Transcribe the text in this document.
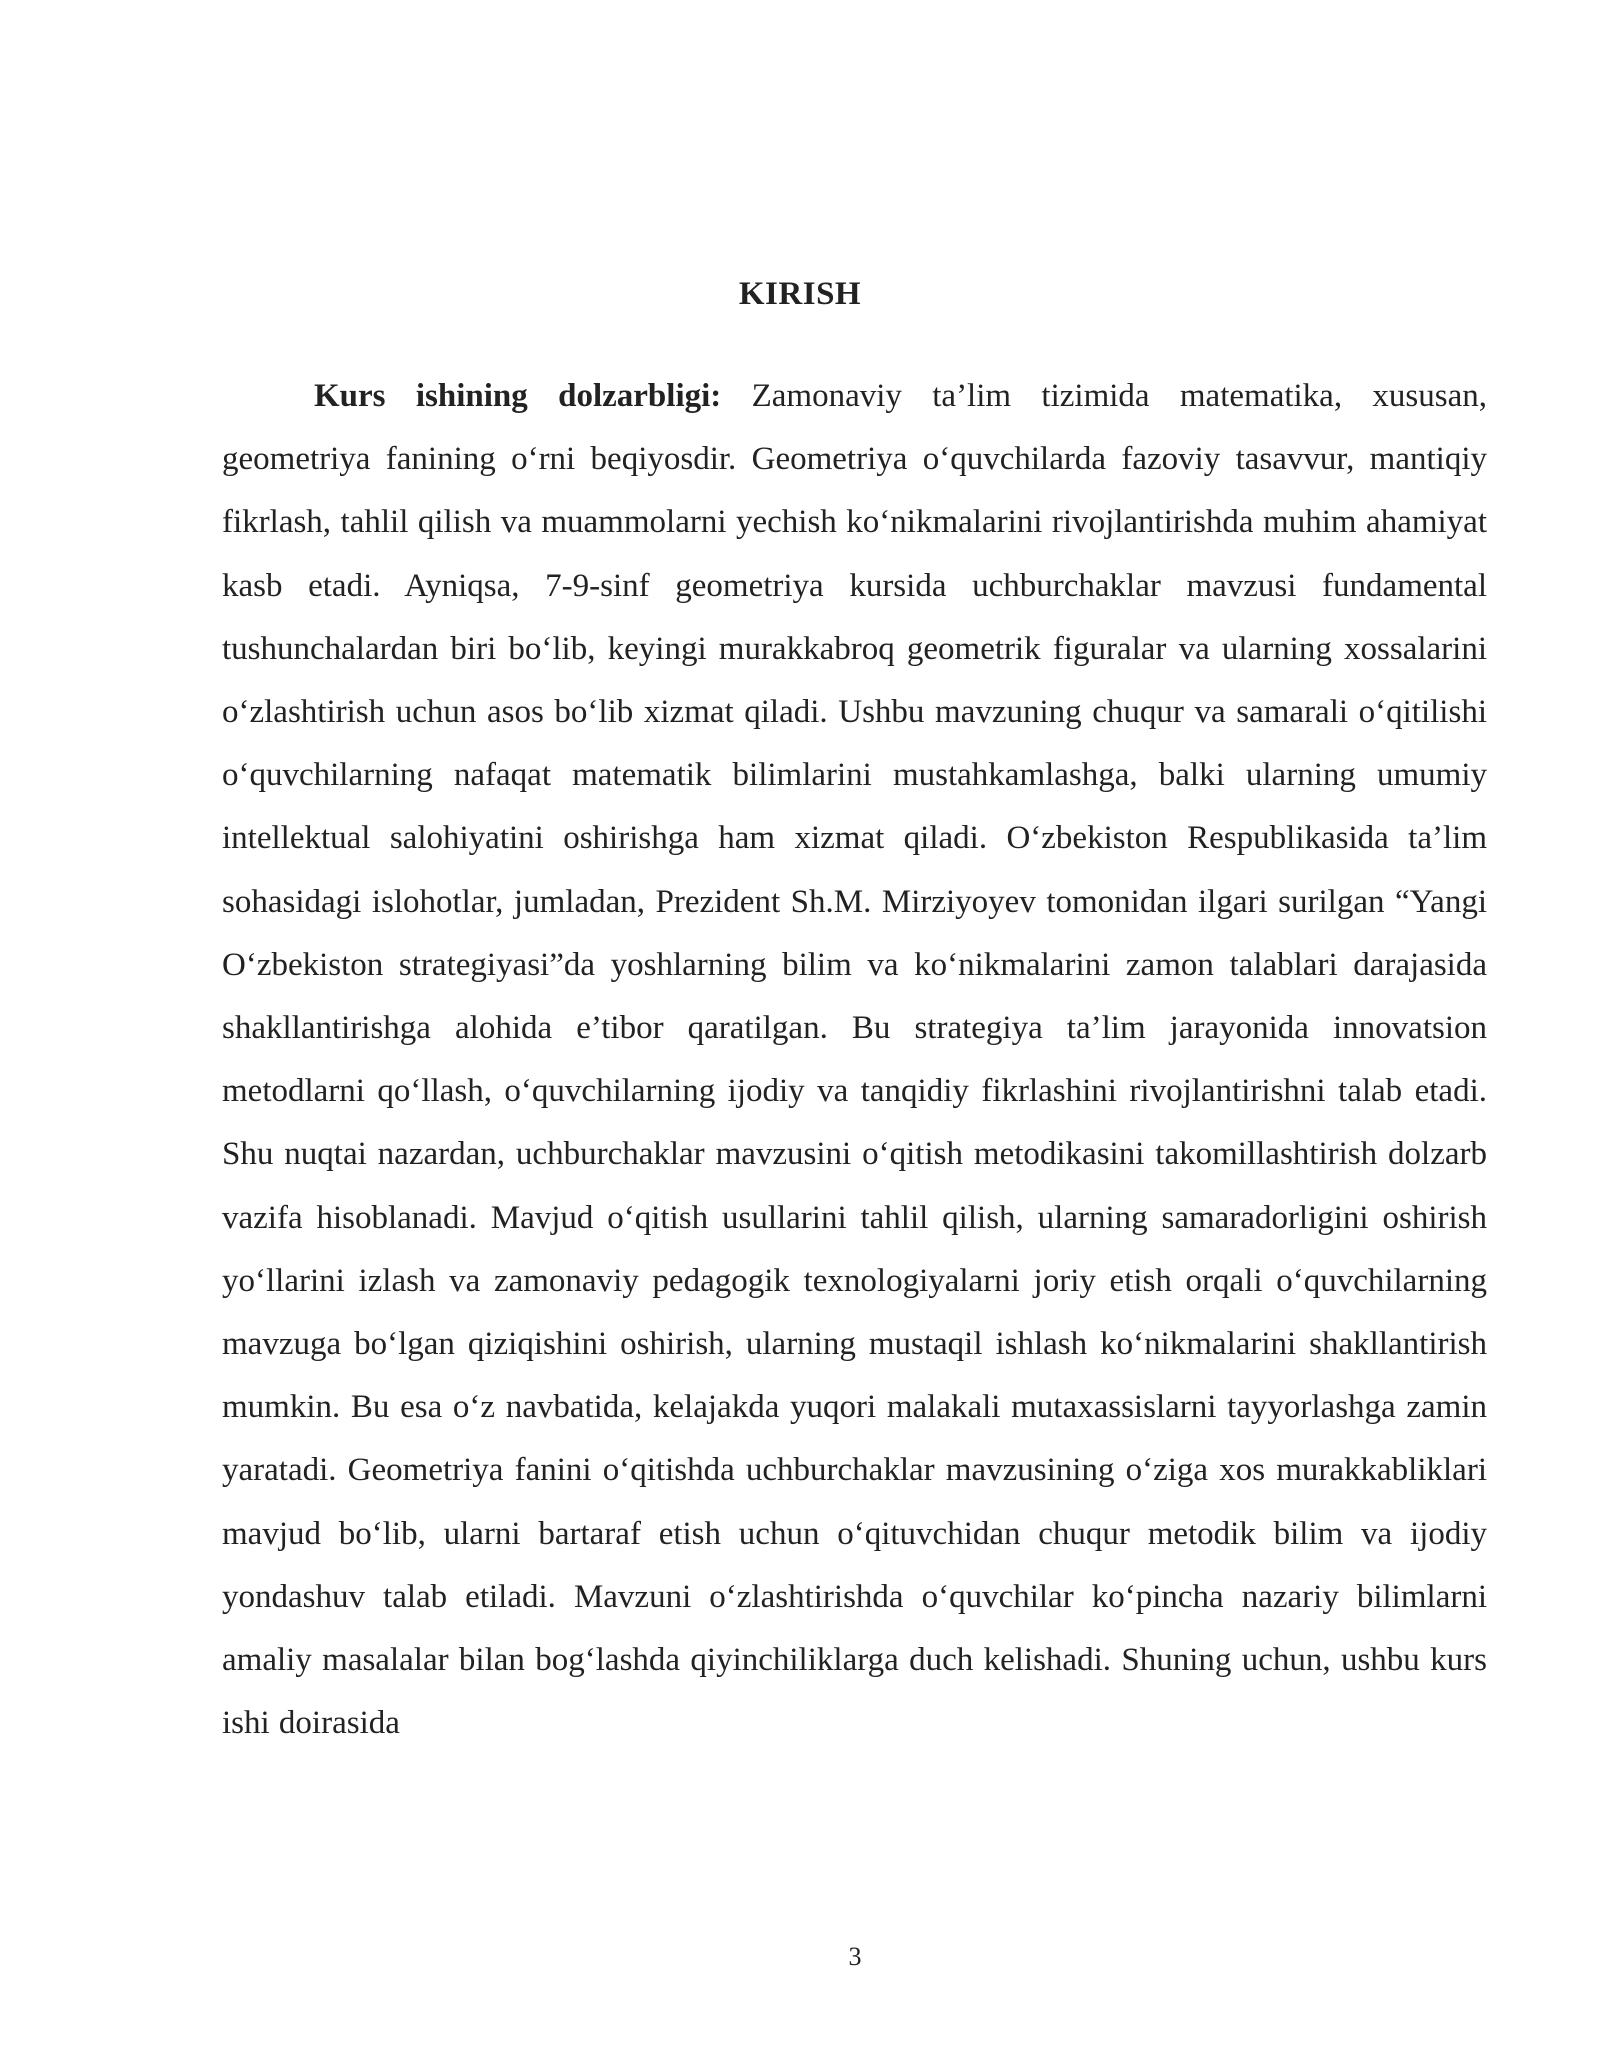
KIRISH

Kurs ishining dolzarbligi: Zamonaviy ta’lim tizimida matematika, xususan, geometriya fanining o‘rni beqiyosdir. Geometriya o‘quvchilarda fazoviy tasavvur, mantiqiy fikrlash, tahlil qilish va muammolarni yechish ko‘nikmalarini rivojlantirishda muhim ahamiyat kasb etadi. Ayniqsa, 7-9-sinf geometriya kursida uchburchaklar mavzusi fundamental tushunchalardan biri bo‘lib, keyingi murakkabroq geometrik figuralar va ularning xossalarini o‘zlashtirish uchun asos bo‘lib xizmat qiladi. Ushbu mavzuning chuqur va samarali o‘qitilishi o‘quvchilarning nafaqat matematik bilimlarini mustahkamlashga, balki ularning umumiy intellektual salohiyatini oshirishga ham xizmat qiladi. O‘zbekiston Respublikasida ta’lim sohasidagi islohotlar, jumladan, Prezident Sh.M. Mirziyoyev tomonidan ilgari surilgan “Yangi O‘zbekiston strategiyasi”da yoshlarning bilim va ko‘nikmalarini zamon talablari darajasida shakllantirishga alohida e’tibor qaratilgan. Bu strategiya ta’lim jarayonida innovatsion metodlarni qo‘llash, o‘quvchilarning ijodiy va tanqidiy fikrlashini rivojlantirishni talab etadi. Shu nuqtai nazardan, uchburchaklar mavzusini o‘qitish metodikasini takomillashtirish dolzarb vazifa hisoblanadi. Mavjud o‘qitish usullarini tahlil qilish, ularning samaradorligini oshirish yo‘llarini izlash va zamonaviy pedagogik texnologiyalarni joriy etish orqali o‘quvchilarning mavzuga bo‘lgan qiziqishini oshirish, ularning mustaqil ishlash ko‘nikmalarini shakllantirish mumkin. Bu esa o‘z navbatida, kelajakda yuqori malakali mutaxassislarni tayyorlashga zamin yaratadi. Geometriya fanini o‘qitishda uchburchaklar mavzusining o‘ziga xos murakkabliklari mavjud bo‘lib, ularni bartaraf etish uchun o‘qituvchidan chuqur metodik bilim va ijodiy yondashuv talab etiladi. Mavzuni o‘zlashtirishda o‘quvchilar ko‘pincha nazariy bilimlarni amaliy masalalar bilan bog‘lashda qiyinchiliklarga duch kelishadi. Shuning uchun, ushbu kurs ishi doirasida

3
